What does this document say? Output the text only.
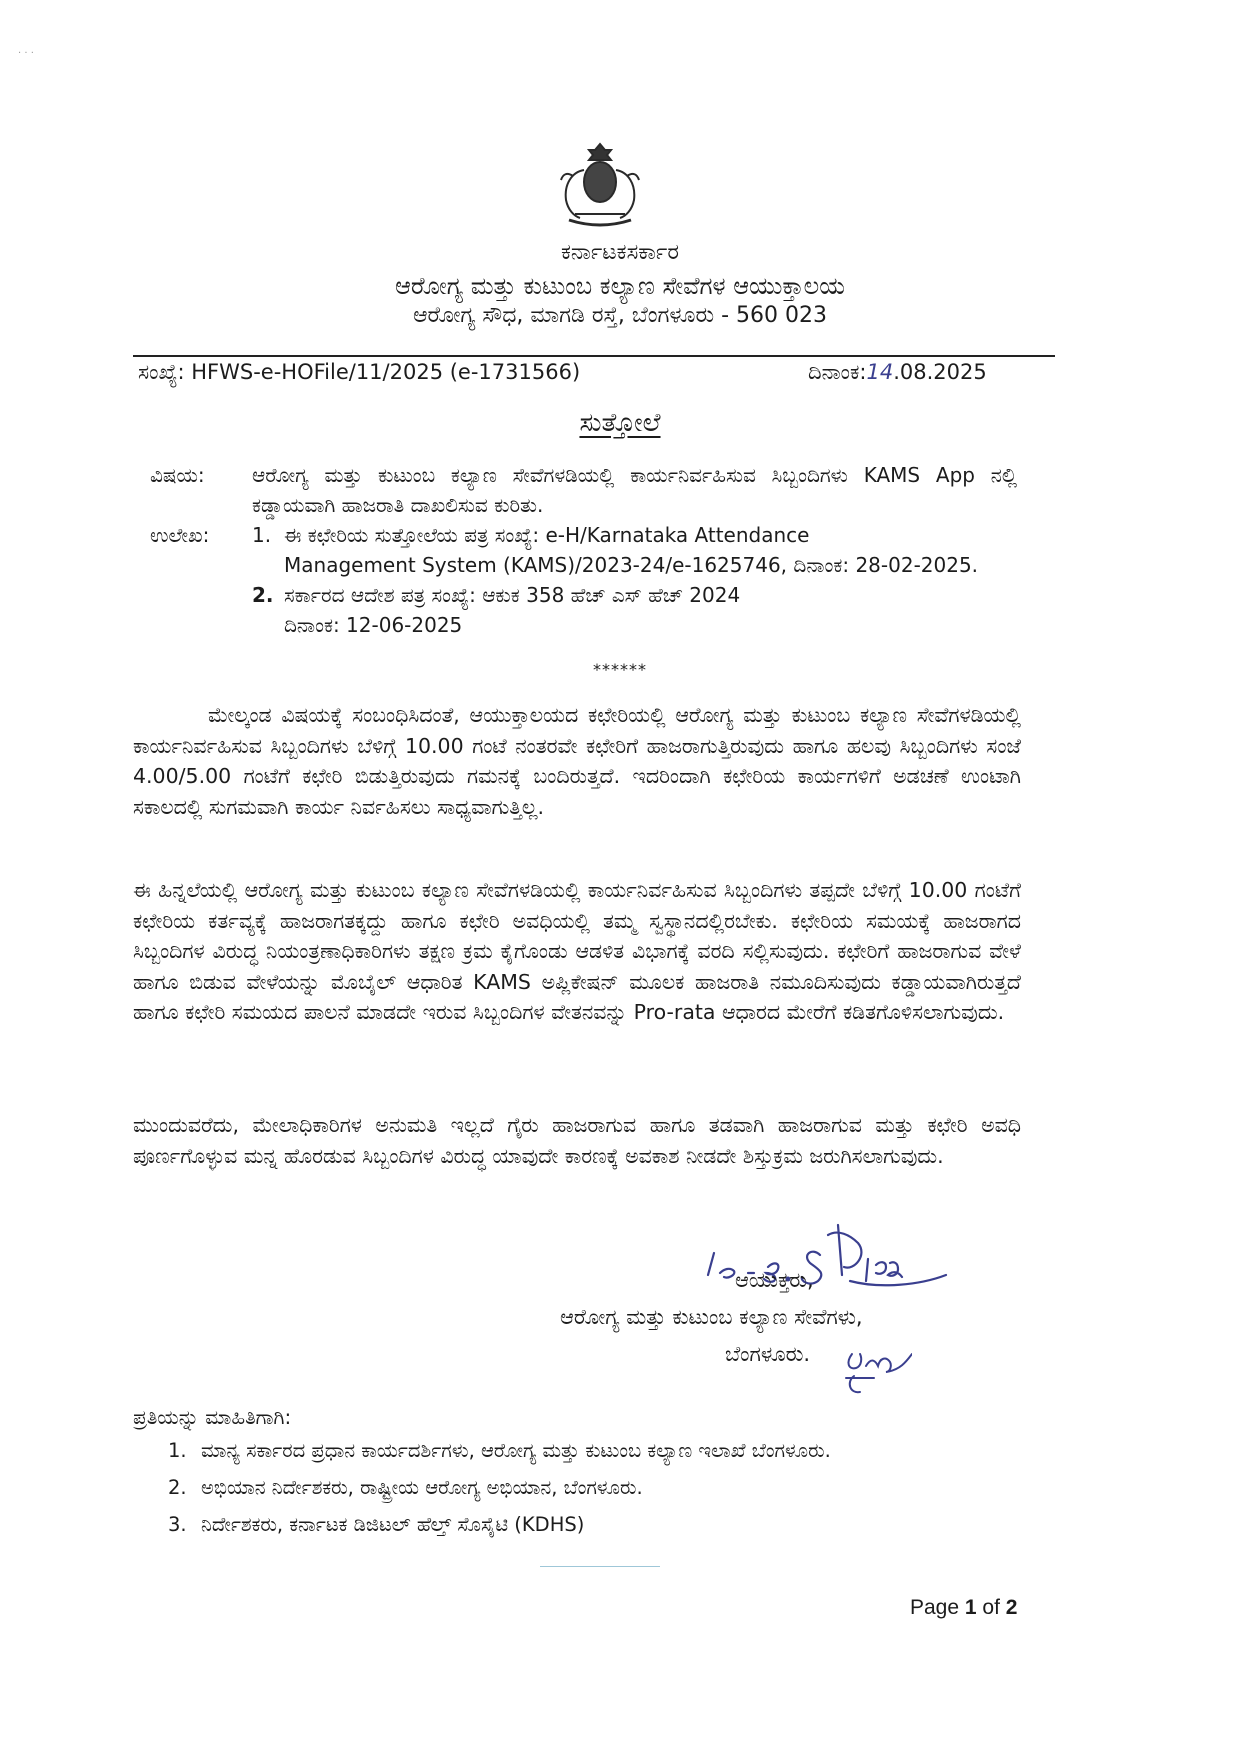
· · ·
ಕರ್ನಾಟಕಸರ್ಕಾರ
ಆರೋಗ್ಯ ಮತ್ತು ಕುಟುಂಬ ಕಲ್ಯಾಣ ಸೇವೆಗಳ ಆಯುಕ್ತಾಲಯ
ಆರೋಗ್ಯ ಸೌಧ, ಮಾಗಡಿ ರಸ್ತೆ, ಬೆಂಗಳೂರು - 560 023
ಸಂಖ್ಯೆ: HFWS-e-HOFile/11/2025 (e-1731566)	ದಿನಾಂಕ:14.08.2025
ಸುತ್ತೋಲೆ
ವಿಷಯ: ಆರೋಗ್ಯ ಮತ್ತು ಕುಟುಂಬ ಕಲ್ಯಾಣ ಸೇವೆಗಳಡಿಯಲ್ಲಿ ಕಾರ್ಯನಿರ್ವಹಿಸುವ ಸಿಬ್ಬಂದಿಗಳು KAMS App ನಲ್ಲಿ ಕಡ್ಡಾಯವಾಗಿ ಹಾಜರಾತಿ ದಾಖಲಿಸುವ ಕುರಿತು.
ಉಲೇಖ: 1. ಈ ಕಛೇರಿಯ ಸುತ್ತೋಲೆಯ ಪತ್ರ ಸಂಖ್ಯೆ: e-H/Karnataka Attendance
Management System (KAMS)/2023-24/e-1625746, ದಿನಾಂಕ: 28-02-2025.
2. ಸರ್ಕಾರದ ಆದೇಶ ಪತ್ರ ಸಂಖ್ಯೆ: ಆಕುಕ 358 ಹೆಚ್ ಎಸ್ ಹೆಚ್ 2024
ದಿನಾಂಕ: 12-06-2025
******
ಮೇಲ್ಕಂಡ ವಿಷಯಕ್ಕೆ ಸಂಬಂಧಿಸಿದಂತೆ, ಆಯುಕ್ತಾಲಯದ ಕಛೇರಿಯಲ್ಲಿ ಆರೋಗ್ಯ ಮತ್ತು ಕುಟುಂಬ ಕಲ್ಯಾಣ ಸೇವೆಗಳಡಿಯಲ್ಲಿ ಕಾರ್ಯನಿರ್ವಹಿಸುವ ಸಿಬ್ಬಂದಿಗಳು ಬೆಳಿಗ್ಗೆ 10.00 ಗಂಟೆ ನಂತರವೇ ಕಛೇರಿಗೆ ಹಾಜರಾಗುತ್ತಿರುವುದು ಹಾಗೂ ಹಲವು ಸಿಬ್ಬಂದಿಗಳು ಸಂಜೆ 4.00/5.00 ಗಂಟೆಗೆ ಕಛೇರಿ ಬಿಡುತ್ತಿರುವುದು ಗಮನಕ್ಕೆ ಬಂದಿರುತ್ತದೆ. ಇದರಿಂದಾಗಿ ಕಛೇರಿಯ ಕಾರ್ಯಗಳಿಗೆ ಅಡಚಣೆ ಉಂಟಾಗಿ ಸಕಾಲದಲ್ಲಿ ಸುಗಮವಾಗಿ ಕಾರ್ಯ ನಿರ್ವಹಿಸಲು ಸಾಧ್ಯವಾಗುತ್ತಿಲ್ಲ.
ಈ ಹಿನ್ನಲೆಯಲ್ಲಿ ಆರೋಗ್ಯ ಮತ್ತು ಕುಟುಂಬ ಕಲ್ಯಾಣ ಸೇವೆಗಳಡಿಯಲ್ಲಿ ಕಾರ್ಯನಿರ್ವಹಿಸುವ ಸಿಬ್ಬಂದಿಗಳು ತಪ್ಪದೇ ಬೆಳಿಗ್ಗೆ 10.00 ಗಂಟೆಗೆ ಕಛೇರಿಯ ಕರ್ತವ್ಯಕ್ಕೆ ಹಾಜರಾಗತಕ್ಕದ್ದು ಹಾಗೂ ಕಛೇರಿ ಅವಧಿಯಲ್ಲಿ ತಮ್ಮ ಸ್ವಸ್ಥಾನದಲ್ಲಿರಬೇಕು. ಕಛೇರಿಯ ಸಮಯಕ್ಕೆ ಹಾಜರಾಗದ ಸಿಬ್ಬಂದಿಗಳ ವಿರುದ್ಧ ನಿಯಂತ್ರಣಾಧಿಕಾರಿಗಳು ತಕ್ಷಣ ಕ್ರಮ ಕೈಗೊಂಡು ಆಡಳಿತ ವಿಭಾಗಕ್ಕೆ ವರದಿ ಸಲ್ಲಿಸುವುದು. ಕಛೇರಿಗೆ ಹಾಜರಾಗುವ ವೇಳೆ ಹಾಗೂ ಬಿಡುವ ವೇಳೆಯನ್ನು ಮೊಬೈಲ್ ಆಧಾರಿತ KAMS ಅಪ್ಲಿಕೇಷನ್ ಮೂಲಕ ಹಾಜರಾತಿ ನಮೂದಿಸುವುದು ಕಡ್ಡಾಯವಾಗಿರುತ್ತದೆ ಹಾಗೂ ಕಛೇರಿ ಸಮಯದ ಪಾಲನೆ ಮಾಡದೇ ಇರುವ ಸಿಬ್ಬಂದಿಗಳ ವೇತನವನ್ನು Pro-rata ಆಧಾರದ ಮೇರೆಗೆ ಕಡಿತಗೊಳಿಸಲಾಗುವುದು.
ಮುಂದುವರೆದು, ಮೇಲಾಧಿಕಾರಿಗಳ ಅನುಮತಿ ಇಲ್ಲದೆ ಗೈರು ಹಾಜರಾಗುವ ಹಾಗೂ ತಡವಾಗಿ ಹಾಜರಾಗುವ ಮತ್ತು ಕಛೇರಿ ಅವಧಿ ಪೂರ್ಣಗೊಳ್ಳುವ ಮನ್ನ ಹೊರಡುವ ಸಿಬ್ಬಂದಿಗಳ ವಿರುದ್ಧ ಯಾವುದೇ ಕಾರಣಕ್ಕೆ ಅವಕಾಶ ನೀಡದೇ ಶಿಸ್ತುಕ್ರಮ ಜರುಗಿಸಲಾಗುವುದು.
ಆಯುಕ್ತರು,
ಆರೋಗ್ಯ ಮತ್ತು ಕುಟುಂಬ ಕಲ್ಯಾಣ ಸೇವೆಗಳು,
ಬೆಂಗಳೂರು.
ಪ್ರತಿಯನ್ನು ಮಾಹಿತಿಗಾಗಿ:
1. ಮಾನ್ಯ ಸರ್ಕಾರದ ಪ್ರಧಾನ ಕಾರ್ಯದರ್ಶಿಗಳು, ಆರೋಗ್ಯ ಮತ್ತು ಕುಟುಂಬ ಕಲ್ಯಾಣ ಇಲಾಖೆ ಬೆಂಗಳೂರು.
2. ಅಭಿಯಾನ ನಿರ್ದೇಶಕರು, ರಾಷ್ಟ್ರೀಯ ಆರೋಗ್ಯ ಅಭಿಯಾನ, ಬೆಂಗಳೂರು.
3. ನಿರ್ದೇಶಕರು, ಕರ್ನಾಟಕ ಡಿಜಿಟಲ್ ಹೆಲ್ತ್ ಸೊಸೈಟಿ (KDHS)
Page 1 of 2
